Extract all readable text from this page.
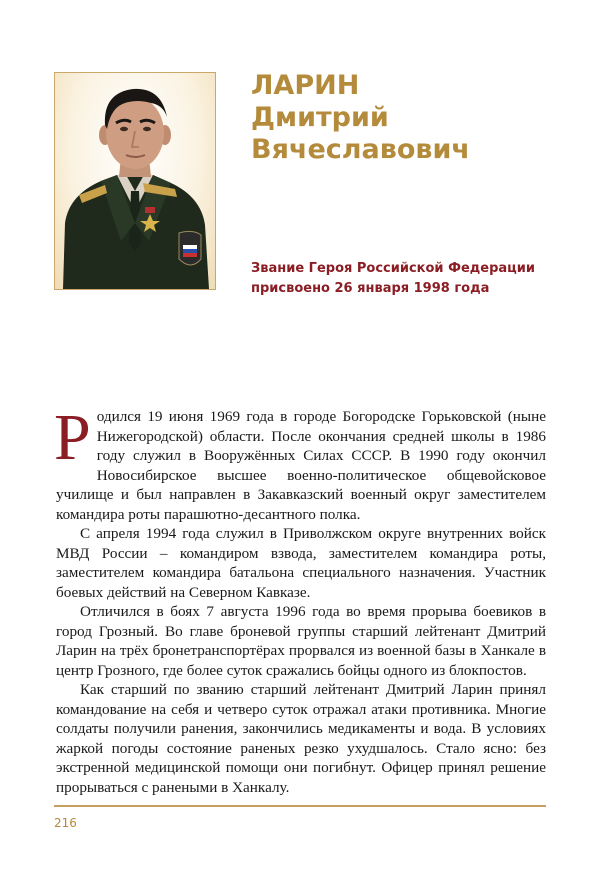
ЛАРИН
Дмитрий
Вячеславович
Звание Героя Российской Федерации
присвоено 26 января 1998 года

Родился 19 июня 1969 года в городе Богородске Горьковской (ныне Нижегородской) области. После окончания средней школы в 1986 году служил в Вооружённых Силах СССР. В 1990 году окончил Новосибирское высшее военно-политическое общевойсковое училище и был направлен в Закавказский военный округ заместителем командира роты парашютно-десантного полка.

С апреля 1994 года служил в Приволжском округе внутренних войск МВД России – командиром взвода, заместителем командира роты, заместителем командира батальона специального назначения. Участник боевых действий на Северном Кавказе.

Отличился в боях 7 августа 1996 года во время прорыва боевиков в город Грозный. Во главе броневой группы старший лейтенант Дмитрий Ларин на трёх бронетранспортёрах прорвался из военной базы в Ханкале в центр Грозного, где более суток сражались бойцы одного из блокпостов.

Как старший по званию старший лейтенант Дмитрий Ларин принял командование на себя и четверо суток отражал атаки противника. Многие солдаты получили ранения, закончились медикаменты и вода. В условиях жаркой погоды состояние раненых резко ухудшалось. Стало ясно: без экстренной медицинской помощи они погибнут. Офицер принял решение прорываться с ранеными в Ханкалу.

216
